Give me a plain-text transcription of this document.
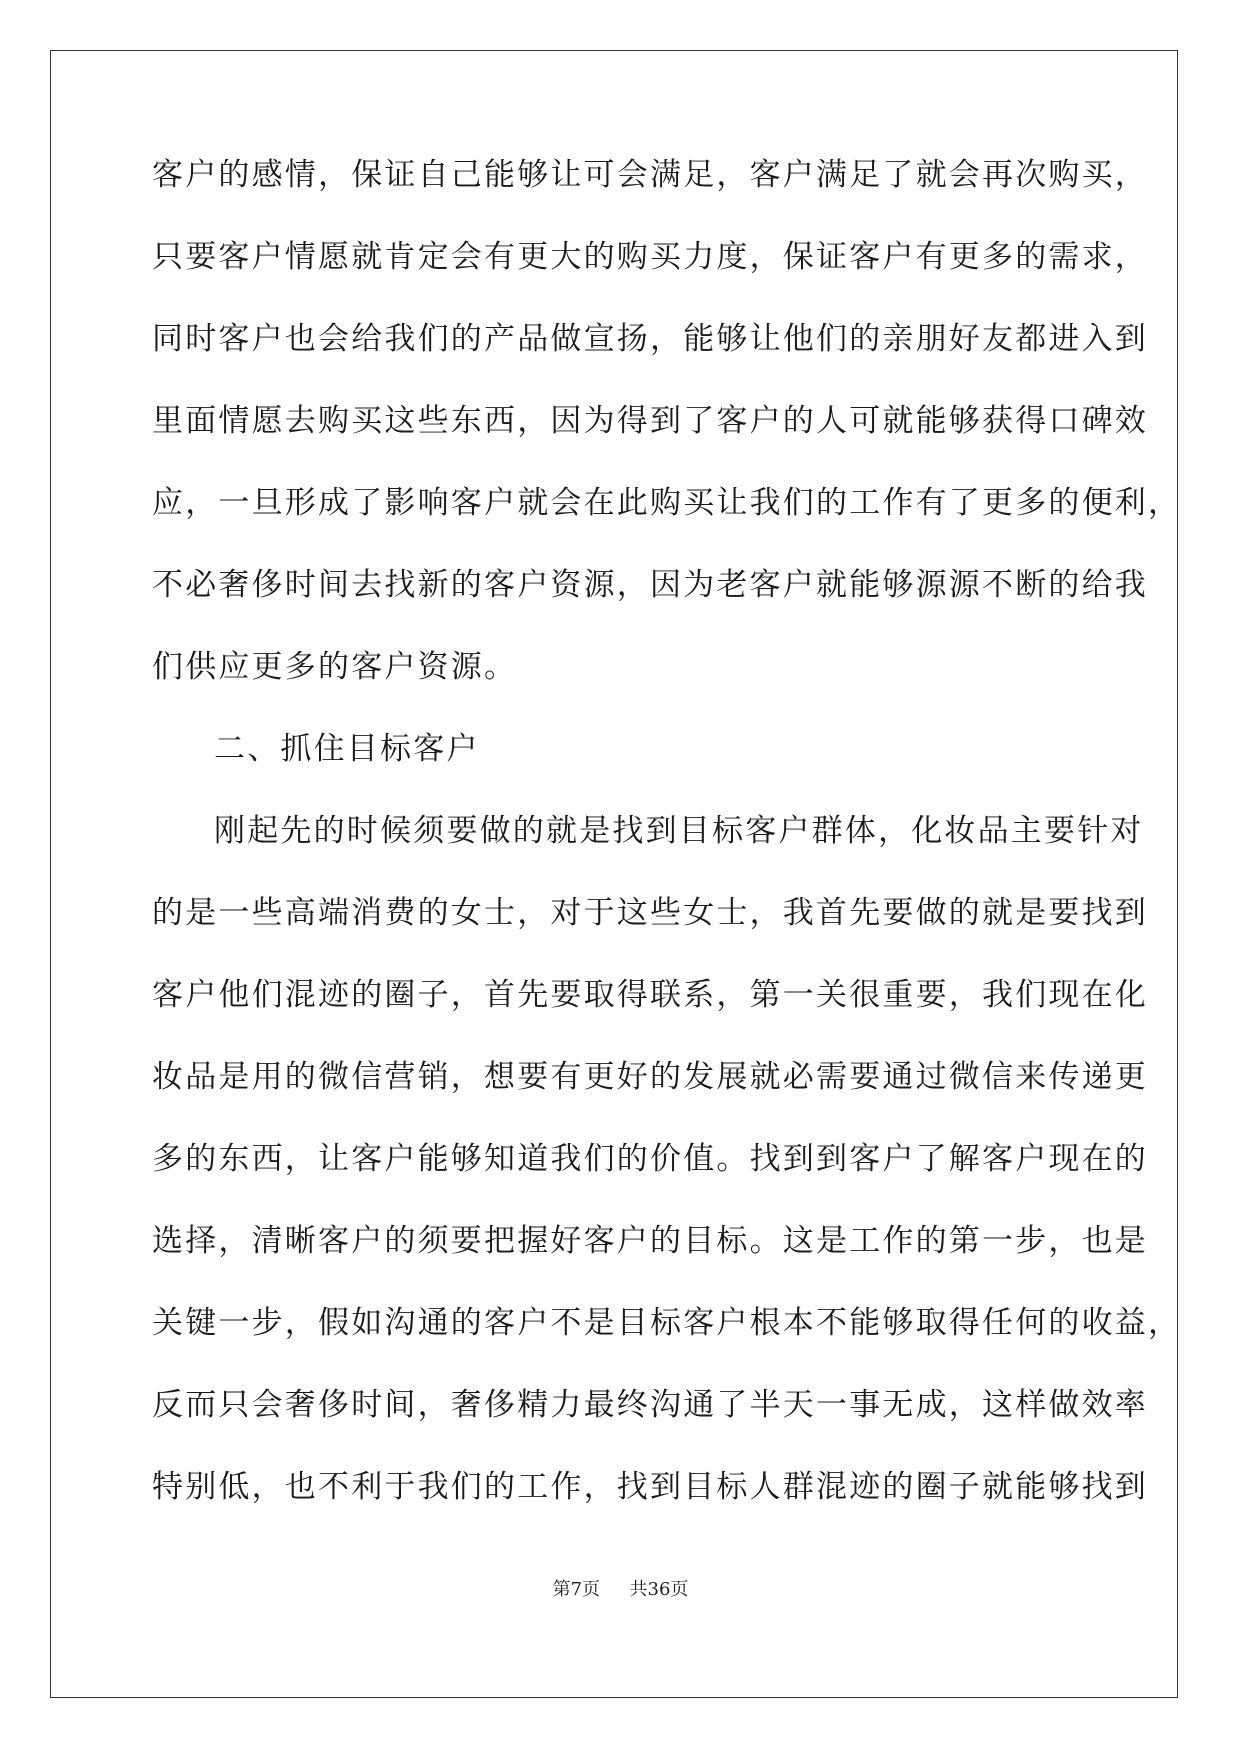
客户的感情，保证自己能够让可会满足，客户满足了就会再次购买，
只要客户情愿就肯定会有更大的购买力度，保证客户有更多的需求，
同时客户也会给我们的产品做宣扬，能够让他们的亲朋好友都进入到
里面情愿去购买这些东西，因为得到了客户的人可就能够获得口碑效
应，一旦形成了影响客户就会在此购买让我们的工作有了更多的便利，
不必奢侈时间去找新的客户资源，因为老客户就能够源源不断的给我
们供应更多的客户资源。
二、抓住目标客户
刚起先的时候须要做的就是找到目标客户群体，化妆品主要针对
的是一些高端消费的女士，对于这些女士，我首先要做的就是要找到
客户他们混迹的圈子，首先要取得联系，第一关很重要，我们现在化
妆品是用的微信营销，想要有更好的发展就必需要通过微信来传递更
多的东西，让客户能够知道我们的价值。找到到客户了解客户现在的
选择，清晰客户的须要把握好客户的目标。这是工作的第一步，也是
关键一步，假如沟通的客户不是目标客户根本不能够取得任何的收益，
反而只会奢侈时间，奢侈精力最终沟通了半天一事无成，这样做效率
特别低，也不利于我们的工作，找到目标人群混迹的圈子就能够找到
第7页 共36页
